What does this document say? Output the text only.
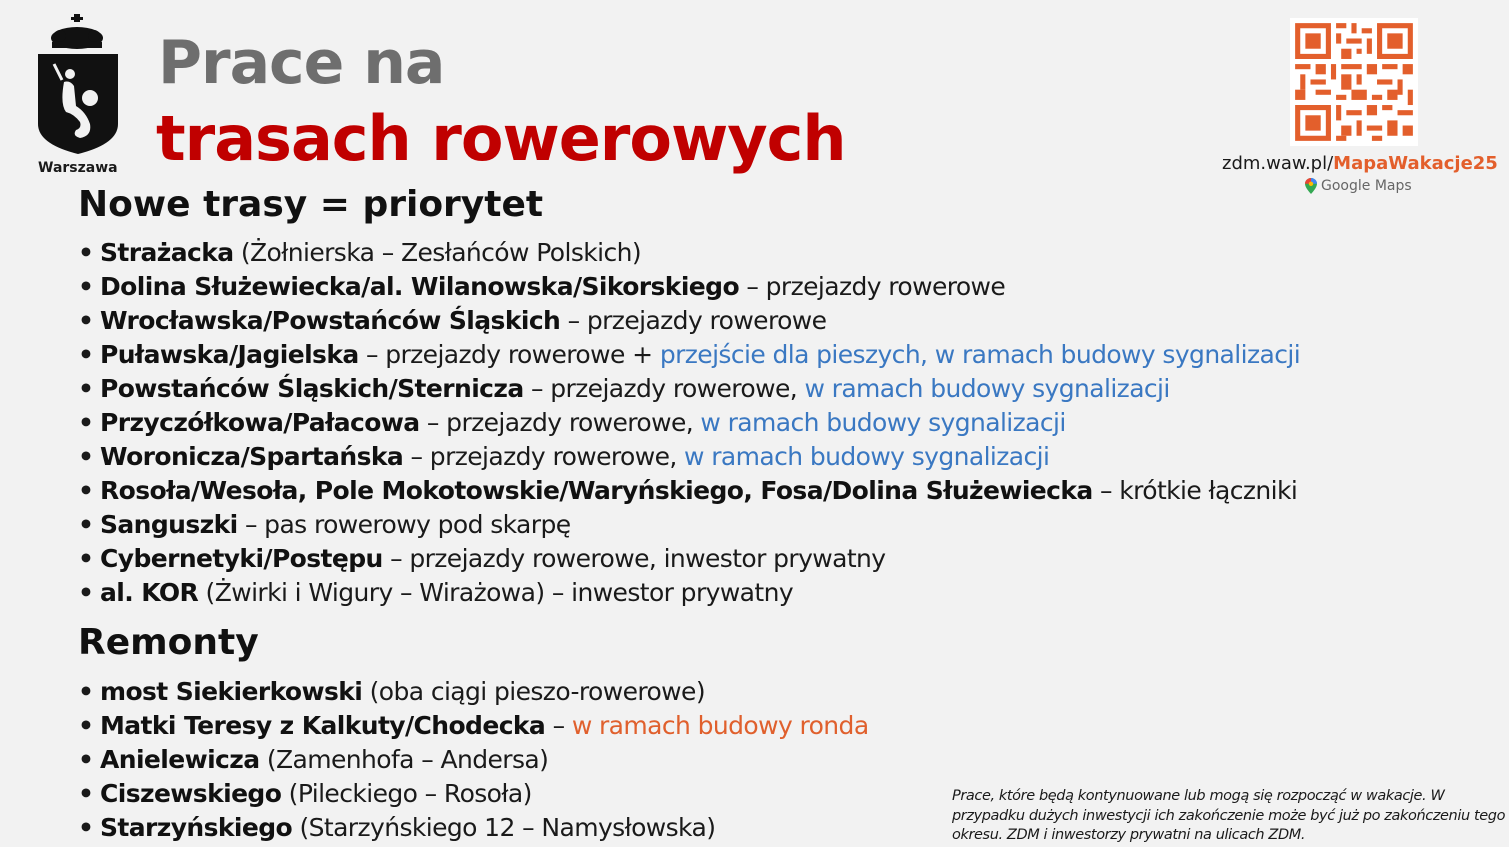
Warszawa
Prace na
trasach rowerowych	zdm.waw.pl/MapaWakacje25
Google Maps
Nowe trasy = priorytet
• Strażacka (Żołnierska – Zesłańców Polskich)
• Dolina Służewiecka/al. Wilanowska/Sikorskiego – przejazdy rowerowe
• Wrocławska/Powstańców Śląskich – przejazdy rowerowe
• Puławska/Jagielska – przejazdy rowerowe + przejście dla pieszych, w ramach budowy sygnalizacji
• Powstańców Śląskich/Sternicza – przejazdy rowerowe, w ramach budowy sygnalizacji
• Przyczółkowa/Pałacowa – przejazdy rowerowe, w ramach budowy sygnalizacji
• Woronicza/Spartańska – przejazdy rowerowe, w ramach budowy sygnalizacji
• Rosoła/Wesoła, Pole Mokotowskie/Waryńskiego, Fosa/Dolina Służewiecka – krótkie łączniki
• Sanguszki – pas rowerowy pod skarpę
• Cybernetyki/Postępu – przejazdy rowerowe, inwestor prywatny
• al. KOR (Żwirki i Wigury – Wirażowa) – inwestor prywatny
Remonty
• most Siekierkowski (oba ciągi pieszo-rowerowe)
• Matki Teresy z Kalkuty/Chodecka – w ramach budowy ronda
• Anielewicza (Zamenhofa – Andersa)
• Ciszewskiego (Pileckiego – Rosoła)
• Starzyńskiego (Starzyńskiego 12 – Namysłowska)
Prace, które będą kontynuowane lub mogą się rozpocząć w wakacje. W przypadku dużych inwestycji ich zakończenie może być już po zakończeniu tego okresu. ZDM i inwestorzy prywatni na ulicach ZDM.
